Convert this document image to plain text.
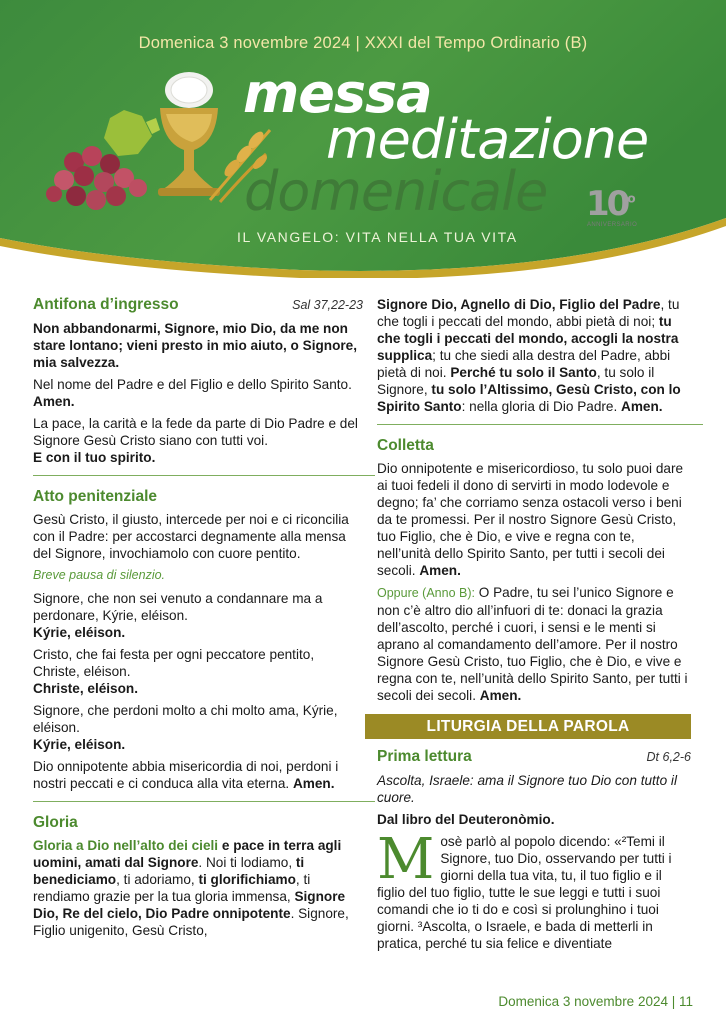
Domenica 3 novembre 2024 | XXXI del Tempo Ordinario (B)
messa
meditazione
domenicale 10$^o$
ANNIVERSARIO
IL VANGELO: VITA NELLA TUA VITA
Antifona d’ingresso	Sal 37,22-23

Non abbandonarmi, Signore, mio Dio, da me non stare lontano; vieni presto in mio aiuto, o Signore, mia salvezza.

Nel nome del Padre e del Figlio e dello Spirito Santo. Amen.

La pace, la carità e la fede da parte di Dio Padre e del Signore Gesù Cristo siano con tutti voi.

E con il tuo spirito.

Atto penitenziale

Gesù Cristo, il giusto, intercede per noi e ci riconcilia con il Padre: per accostarci degnamente alla mensa del Signore, invochiamolo con cuore pentito.

Breve pausa di silenzio.

Signore, che non sei venuto a condannare ma a perdonare, Kýrie, eléison.

Kýrie, eléison.

Cristo, che fai festa per ogni peccatore pentito, Christe, eléison.

Christe, eléison.

Signore, che perdoni molto a chi molto ama, Kýrie, eléison.

Kýrie, eléison.

Dio onnipotente abbia misericordia di noi, perdoni i nostri peccati e ci conduca alla vita eterna. Amen.

Gloria

Gloria a Dio nell’alto dei cieli e pace in terra agli uomini, amati dal Signore. Noi ti lodiamo, ti benediciamo, ti adoriamo, ti glorifichiamo, ti rendiamo grazie per la tua gloria immensa, Signore Dio, Re del cielo, Dio Padre onnipotente. Signore, Figlio unigenito, Gesù Cristo,

Signore Dio, Agnello di Dio, Figlio del Padre, tu che togli i peccati del mondo, abbi pietà di noi; tu che togli i peccati del mondo, accogli la nostra supplica; tu che siedi alla destra del Padre, abbi pietà di noi. Perché tu solo il Santo, tu solo il Signore, tu solo l’Altissimo, Gesù Cristo, con lo Spirito Santo: nella gloria di Dio Padre. Amen.

Colletta

Dio onnipotente e misericordioso, tu solo puoi dare ai tuoi fedeli il dono di servirti in modo lodevole e degno; fa’ che corriamo senza ostacoli verso i beni da te promessi. Per il nostro Signore Gesù Cristo, tuo Figlio, che è Dio, e vive e regna con te, nell’unità dello Spirito Santo, per tutti i secoli dei secoli. Amen.

Oppure (Anno B): O Padre, tu sei l’unico Signore e non c’è altro dio all’infuori di te: donaci la grazia dell’ascolto, perché i cuori, i sensi e le menti si aprano al comandamento dell’amore. Per il nostro Signore Gesù Cristo, tuo Figlio, che è Dio, e vive e regna con te, nell’unità dello Spirito Santo, per tutti i secoli dei secoli. Amen.

LITURGIA DELLA PAROLA
Prima lettura	Dt 6,2-6

Ascolta, Israele: ama il Signore tuo Dio con tutto il cuore.

Dal libro del Deuteronòmio.

Mosè parlò al popolo dicendo: «²Temi il Signore, tuo Dio, osservando per tutti i giorni della tua vita, tu, il tuo figlio e il figlio del tuo figlio, tutte le sue leggi e tutti i suoi comandi che io ti do e così si prolunghino i tuoi giorni. ³Ascolta, o Israele, e bada di metterli in pratica, perché tu sia felice e diventiate

Domenica 3 novembre 2024 | 11
